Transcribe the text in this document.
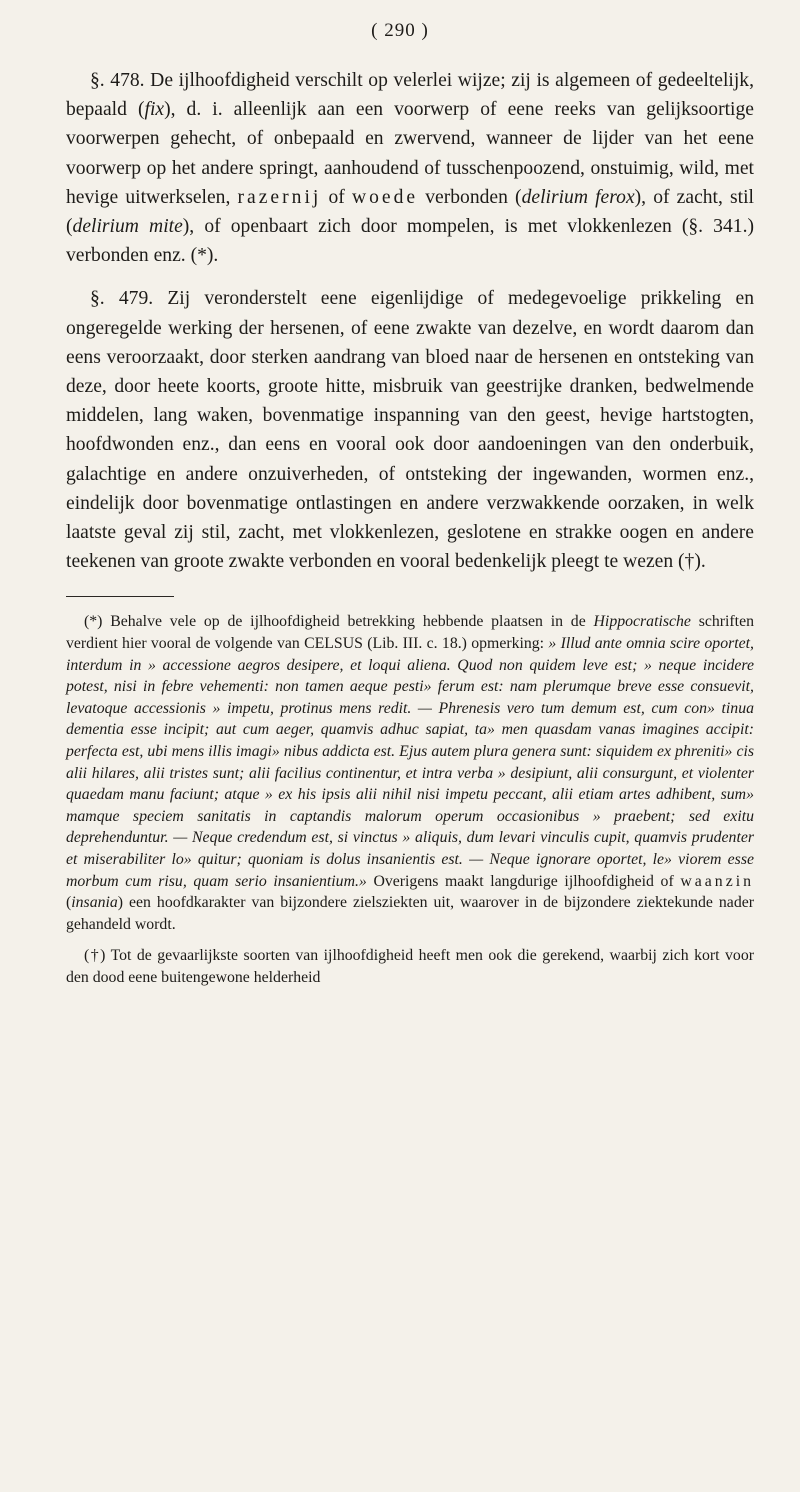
( 290 )

§. 478. De ijlhoofdigheid verschilt op velerlei wijze; zij is algemeen of gedeeltelijk, bepaald (fix), d. i. alleenlijk aan een voorwerp of eene reeks van gelijksoortige voorwerpen gehecht, of onbepaald en zwervend, wanneer de lijder van het eene voorwerp op het andere springt, aanhoudend of tusschenpoozend, onstuimig, wild, met hevige uitwerkselen, razernij of woede verbonden (delirium ferox), of zacht, stil (delirium mite), of openbaart zich door mompelen, is met vlokkenlezen (§. 341.) verbonden enz. (*).

§. 479. Zij veronderstelt eene eigenlijdige of medegevoelige prikkeling en ongeregelde werking der hersenen, of eene zwakte van dezelve, en wordt daarom dan eens veroorzaakt, door sterken aandrang van bloed naar de hersenen en ontsteking van deze, door heete koorts, groote hitte, misbruik van geestrijke dranken, bedwelmende middelen, lang waken, bovenmatige inspanning van den geest, hevige hartstogten, hoofdwonden enz., dan eens en vooral ook door aandoeningen van den onderbuik, galachtige en andere onzuiverheden, of ontsteking der ingewanden, wormen enz., eindelijk door bovenmatige ontlastingen en andere verzwakkende oorzaken, in welk laatste geval zij stil, zacht, met vlokkenlezen, geslotene en strakke oogen en andere teekenen van groote zwakte verbonden en vooral bedenkelijk pleegt te wezen (†).

(*) Behalve vele op de ijlhoofdigheid betrekking hebbende plaatsen in de Hippocratische schriften verdient hier vooral de volgende van CELSUS (Lib. III. c. 18.) opmerking: » Illud ante omnia scire oportet, interdum in » accessione aegros desipere, et loqui aliena. Quod non quidem leve est; » neque incidere potest, nisi in febre vehementi: non tamen aeque pesti» ferum est: nam plerumque breve esse consuevit, levatoque accessionis » impetu, protinus mens redit. — Phrenesis vero tum demum est, cum con» tinua dementia esse incipit; aut cum aeger, quamvis adhuc sapiat, ta» men quasdam vanas imagines accipit: perfecta est, ubi mens illis imagi» nibus addicta est. Ejus autem plura genera sunt: siquidem ex phreniti» cis alii hilares, alii tristes sunt; alii facilius continentur, et intra verba » desipiunt, alii consurgunt, et violenter quaedam manu faciunt; atque » ex his ipsis alii nihil nisi impetu peccant, alii etiam artes adhibent, sum» mamque speciem sanitatis in captandis malorum operum occasionibus » praebent; sed exitu deprehenduntur. — Neque credendum est, si vinctus » aliquis, dum levari vinculis cupit, quamvis prudenter et miserabiliter lo» quitur; quoniam is dolus insanientis est. — Neque ignorare oportet, le» viorem esse morbum cum risu, quam serio insanientium.» Overigens maakt langdurige ijlhoofdigheid of waanzin (insania) een hoofdkarakter van bijzondere zielsziekten uit, waarover in de bijzondere ziektekunde nader gehandeld wordt.

(†) Tot de gevaarlijkste soorten van ijlhoofdigheid heeft men ook die gerekend, waarbij zich kort voor den dood eene buitengewone helderheid
